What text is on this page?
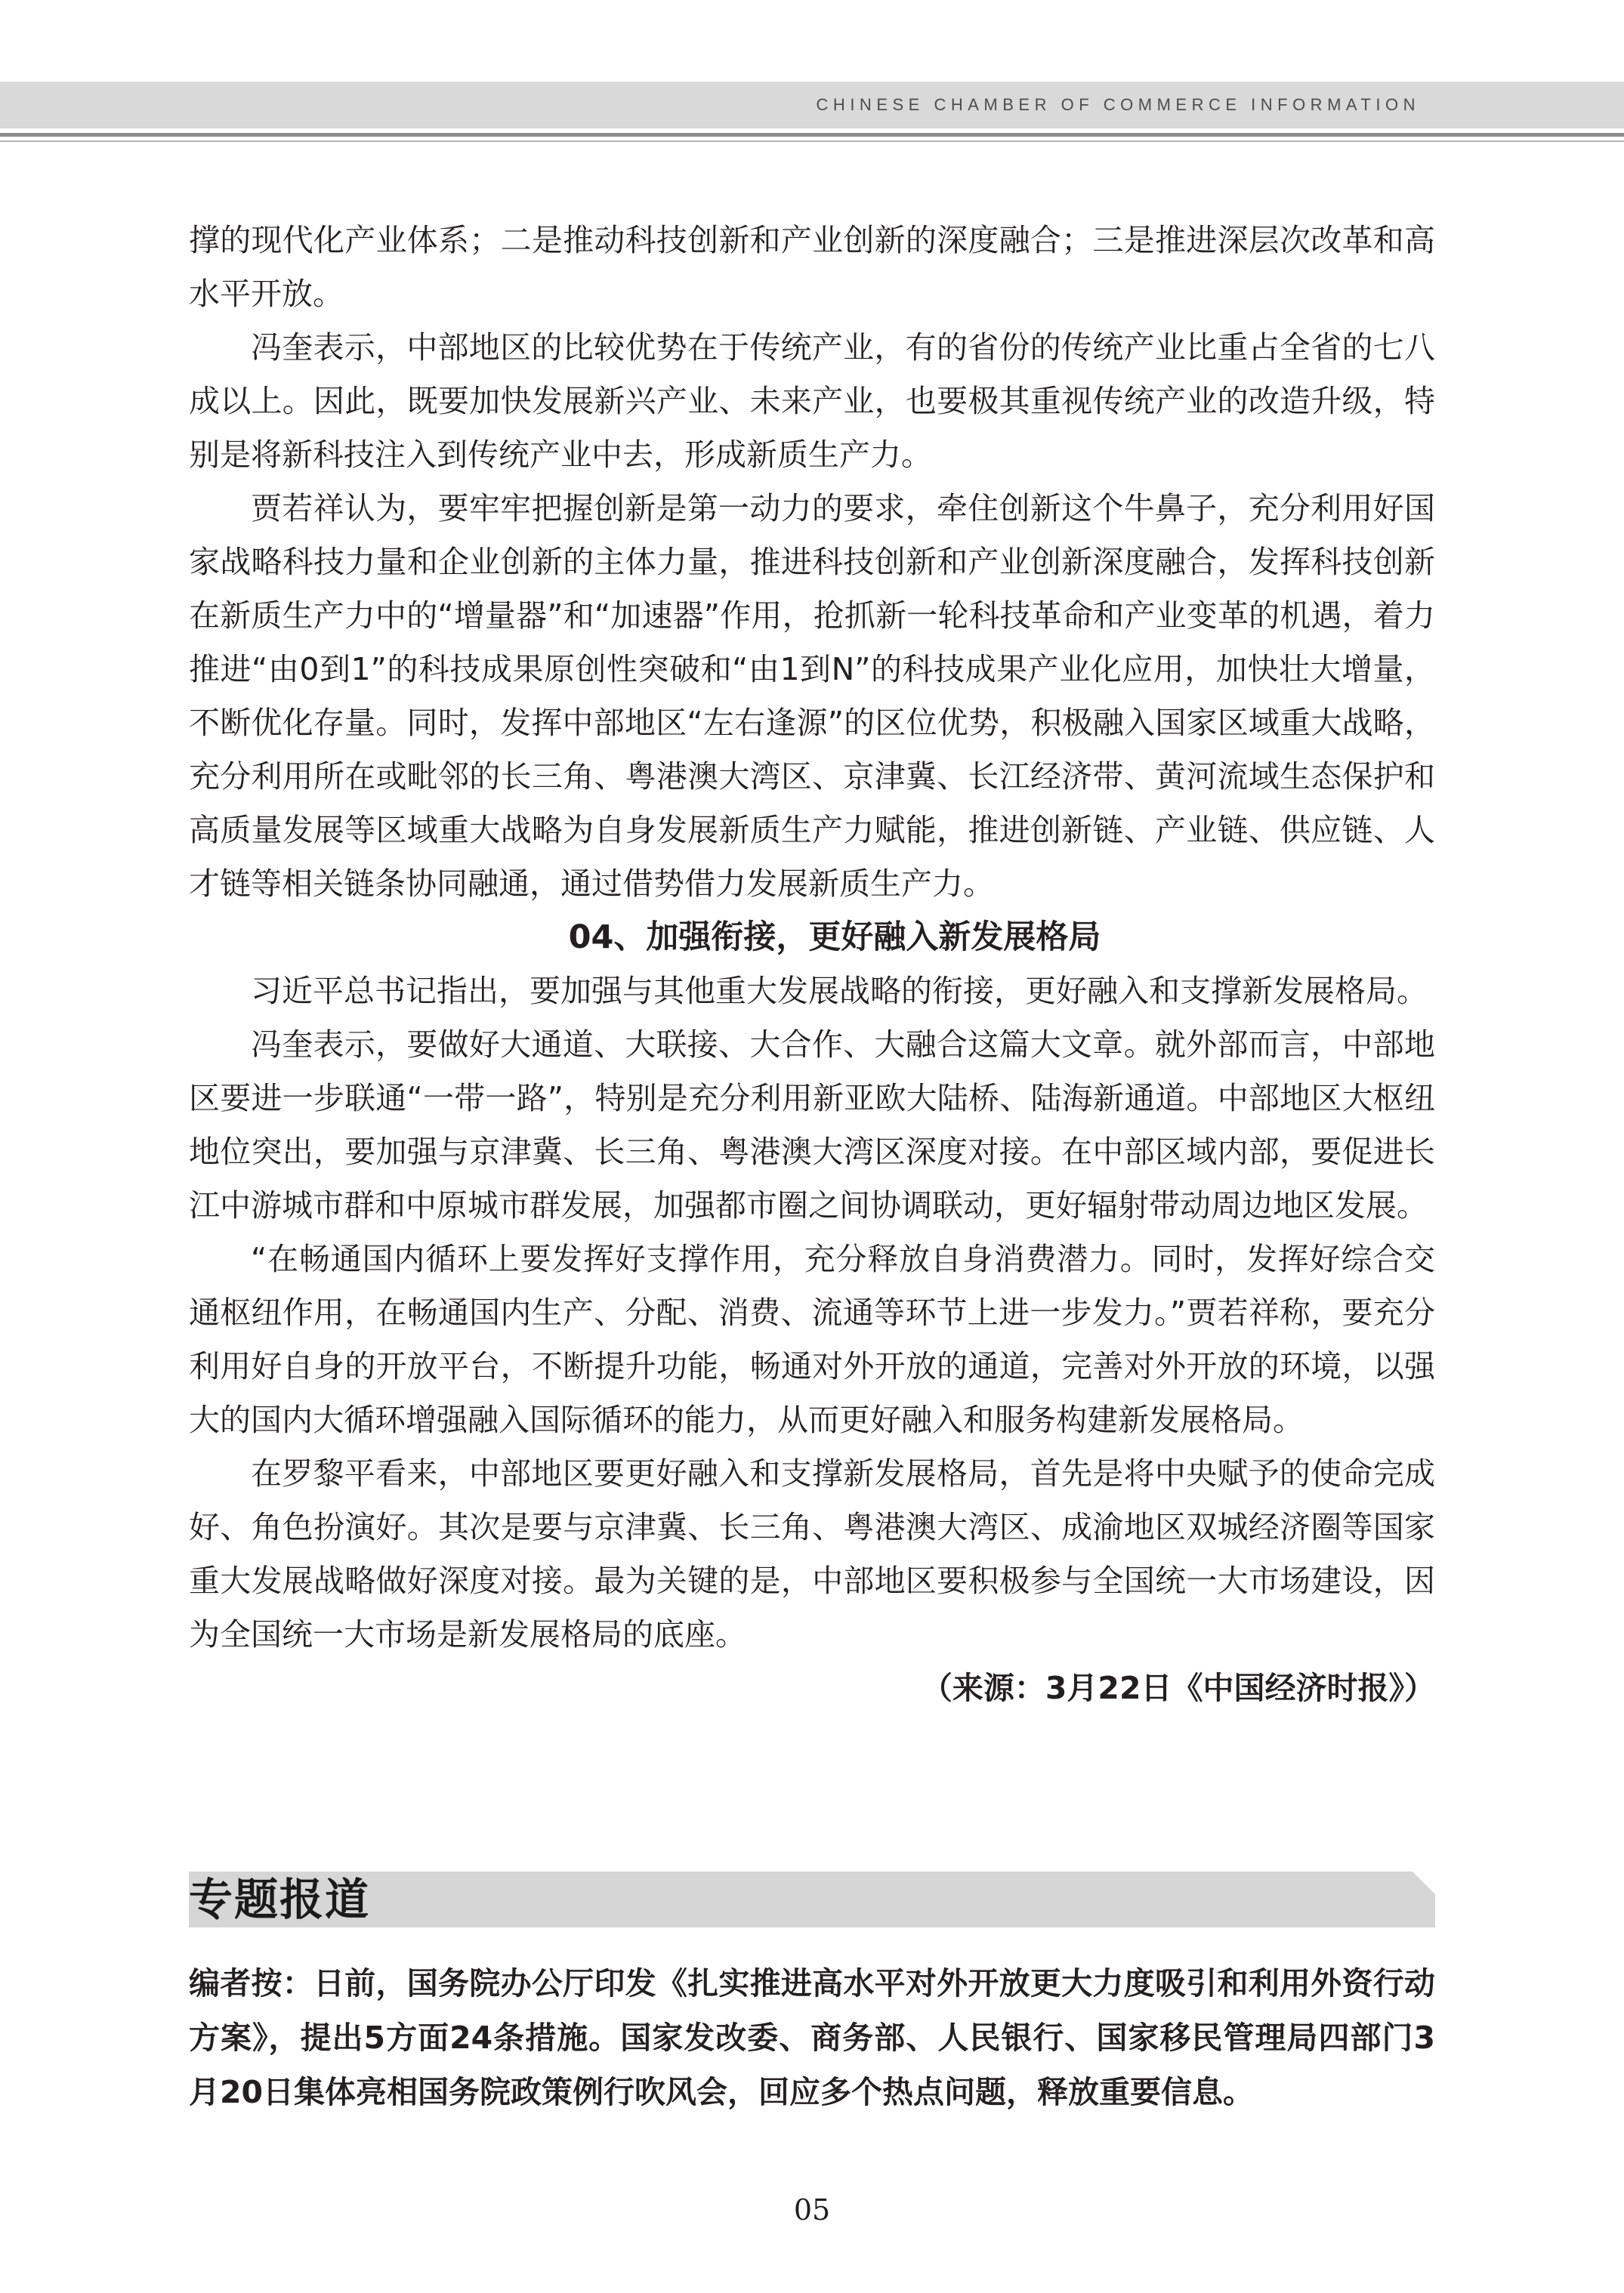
CHINESE CHAMBER OF COMMERCE INFORMATION

撑的现代化产业体系；二是推动科技创新和产业创新的深度融合；三是推进深层次改革和高水平开放。

冯奎表示，中部地区的比较优势在于传统产业，有的省份的传统产业比重占全省的七八成以上。因此，既要加快发展新兴产业、未来产业，也要极其重视传统产业的改造升级，特别是将新科技注入到传统产业中去，形成新质生产力。

贾若祥认为，要牢牢把握创新是第一动力的要求，牵住创新这个牛鼻子，充分利用好国家战略科技力量和企业创新的主体力量，推进科技创新和产业创新深度融合，发挥科技创新在新质生产力中的“增量器”和“加速器”作用，抢抓新一轮科技革命和产业变革的机遇，着力推进“由0到1”的科技成果原创性突破和“由1到N”的科技成果产业化应用，加快壮大增量，不断优化存量。同时，发挥中部地区“左右逢源”的区位优势，积极融入国家区域重大战略，充分利用所在或毗邻的长三角、粤港澳大湾区、京津冀、长江经济带、黄河流域生态保护和高质量发展等区域重大战略为自身发展新质生产力赋能，推进创新链、产业链、供应链、人才链等相关链条协同融通，通过借势借力发展新质生产力。

04、加强衔接，更好融入新发展格局

习近平总书记指出，要加强与其他重大发展战略的衔接，更好融入和支撑新发展格局。

冯奎表示，要做好大通道、大联接、大合作、大融合这篇大文章。就外部而言，中部地区要进一步联通“一带一路”，特别是充分利用新亚欧大陆桥、陆海新通道。中部地区大枢纽地位突出，要加强与京津冀、长三角、粤港澳大湾区深度对接。在中部区域内部，要促进长江中游城市群和中原城市群发展，加强都市圈之间协调联动，更好辐射带动周边地区发展。

“在畅通国内循环上要发挥好支撑作用，充分释放自身消费潜力。同时，发挥好综合交通枢纽作用，在畅通国内生产、分配、消费、流通等环节上进一步发力。”贾若祥称，要充分利用好自身的开放平台，不断提升功能，畅通对外开放的通道，完善对外开放的环境，以强大的国内大循环增强融入国际循环的能力，从而更好融入和服务构建新发展格局。

在罗黎平看来，中部地区要更好融入和支撑新发展格局，首先是将中央赋予的使命完成好、角色扮演好。其次是要与京津冀、长三角、粤港澳大湾区、成渝地区双城经济圈等国家重大发展战略做好深度对接。最为关键的是，中部地区要积极参与全国统一大市场建设，因为全国统一大市场是新发展格局的底座。

（来源：3月22日《中国经济时报》）
专题报道

编者按：日前，国务院办公厅印发《扎实推进高水平对外开放更大力度吸引和利用外资行动方案》，提出5方面24条措施。国家发改委、商务部、人民银行、国家移民管理局四部门3月20日集体亮相国务院政策例行吹风会，回应多个热点问题，释放重要信息。

05
